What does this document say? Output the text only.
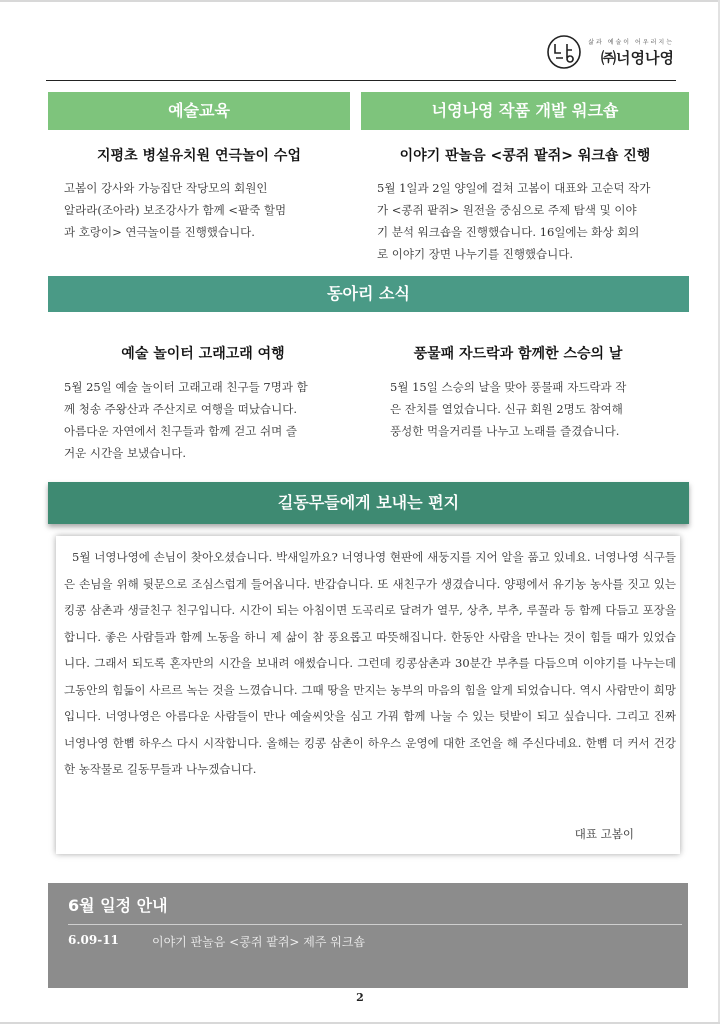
삶과 예술이 어우러지는
㈜너영나영
예술교육
지평초 병설유치원 연극놀이 수업
고봄이 강사와 가능집단 작당모의 회원인
알라라(조아라) 보조강사가 함께 <팥죽 할멈
과 호랑이> 연극놀이를 진행했습니다.
너영나영 작품 개발 워크숍
이야기 판놀음 <콩쥐 팥쥐> 워크숍 진행
5월 1일과 2일 양일에 걸쳐 고봄이 대표와 고순덕 작가
가 <콩쥐 팥쥐> 원전을 중심으로 주제 탐색 및 이야
기 분석 워크숍을 진행했습니다. 16일에는 화상 회의
로 이야기 장면 나누기를 진행했습니다.
동아리 소식
예술 놀이터 고래고래 여행
5월 25일 예술 놀이터 고래고래 친구들 7명과 함
께 청송 주왕산과 주산지로 여행을 떠났습니다.
아름다운 자연에서 친구들과 함께 걷고 쉬며 즐
거운 시간을 보냈습니다.
풍물패 자드락과 함께한 스승의 날
5월 15일 스승의 날을 맞아 풍물패 자드락과 작
은 잔치를 열었습니다. 신규 회원 2명도 참여해
풍성한 먹을거리를 나누고 노래를 즐겼습니다.
길동무들에게 보내는 편지
5월 너영나영에 손님이 찾아오셨습니다. 박새일까요? 너영나영 현판에 새둥지를 지어 알을 품고 있네요. 너영나영 식구들은 손님을 위해 뒷문으로 조심스럽게 들어옵니다. 반갑습니다. 또 새친구가 생겼습니다. 양평에서 유기농 농사를 짓고 있는 킹콩 삼촌과 생글친구 친구입니다. 시간이 되는 아침이면 도곡리로 달려가 열무, 상추, 부추, 루꼴라 등 함께 다듬고 포장을 합니다. 좋은 사람들과 함께 노동을 하니 제 삶이 참 풍요롭고 따뜻해집니다. 한동안 사람을 만나는 것이 힘들 때가 있었습니다. 그래서 되도록 혼자만의 시간을 보내려 애썼습니다. 그런데 킹콩삼촌과 30분간 부추를 다듬으며 이야기를 나누는데 그동안의 힘듦이 사르르 녹는 것을 느꼈습니다. 그때 땅을 만지는 농부의 마음의 힘을 알게 되었습니다. 역시 사람만이 희망입니다. 너영나영은 아름다운 사람들이 만나 예술씨앗을 심고 가꿔 함께 나눌 수 있는 텃밭이 되고 싶습니다. 그리고 진짜 너영나영 한뼘 하우스 다시 시작합니다. 올해는 킹콩 삼촌이 하우스 운영에 대한 조언을 해 주신다네요. 한뼘 더 커서 건강한 농작물로 길동무들과 나누겠습니다.
대표 고봄이
6월 일정 안내
6.09-11	이야기 판놀음 <콩쥐 팥쥐> 제주 워크숍
2
